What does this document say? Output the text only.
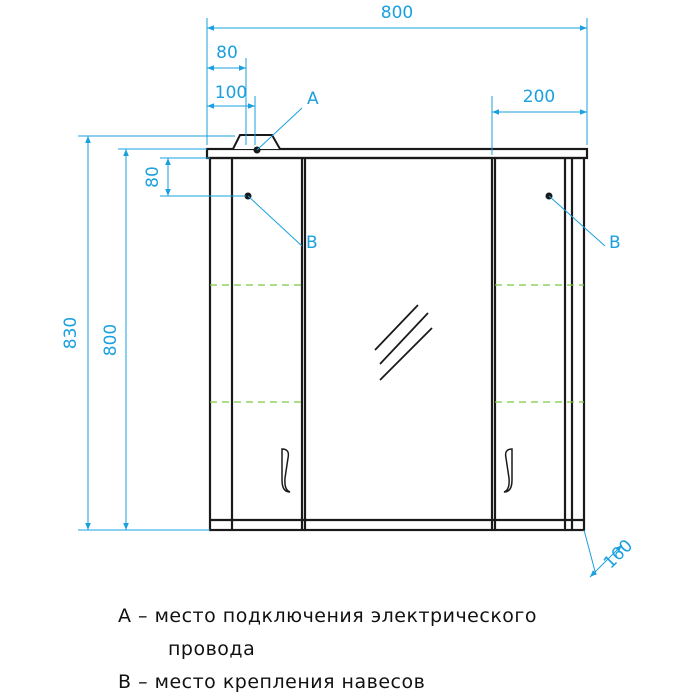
800
80
100	200
830 800
80
160
A
B	B
A – место подключения электрического
провода
B – место крепления навесов
